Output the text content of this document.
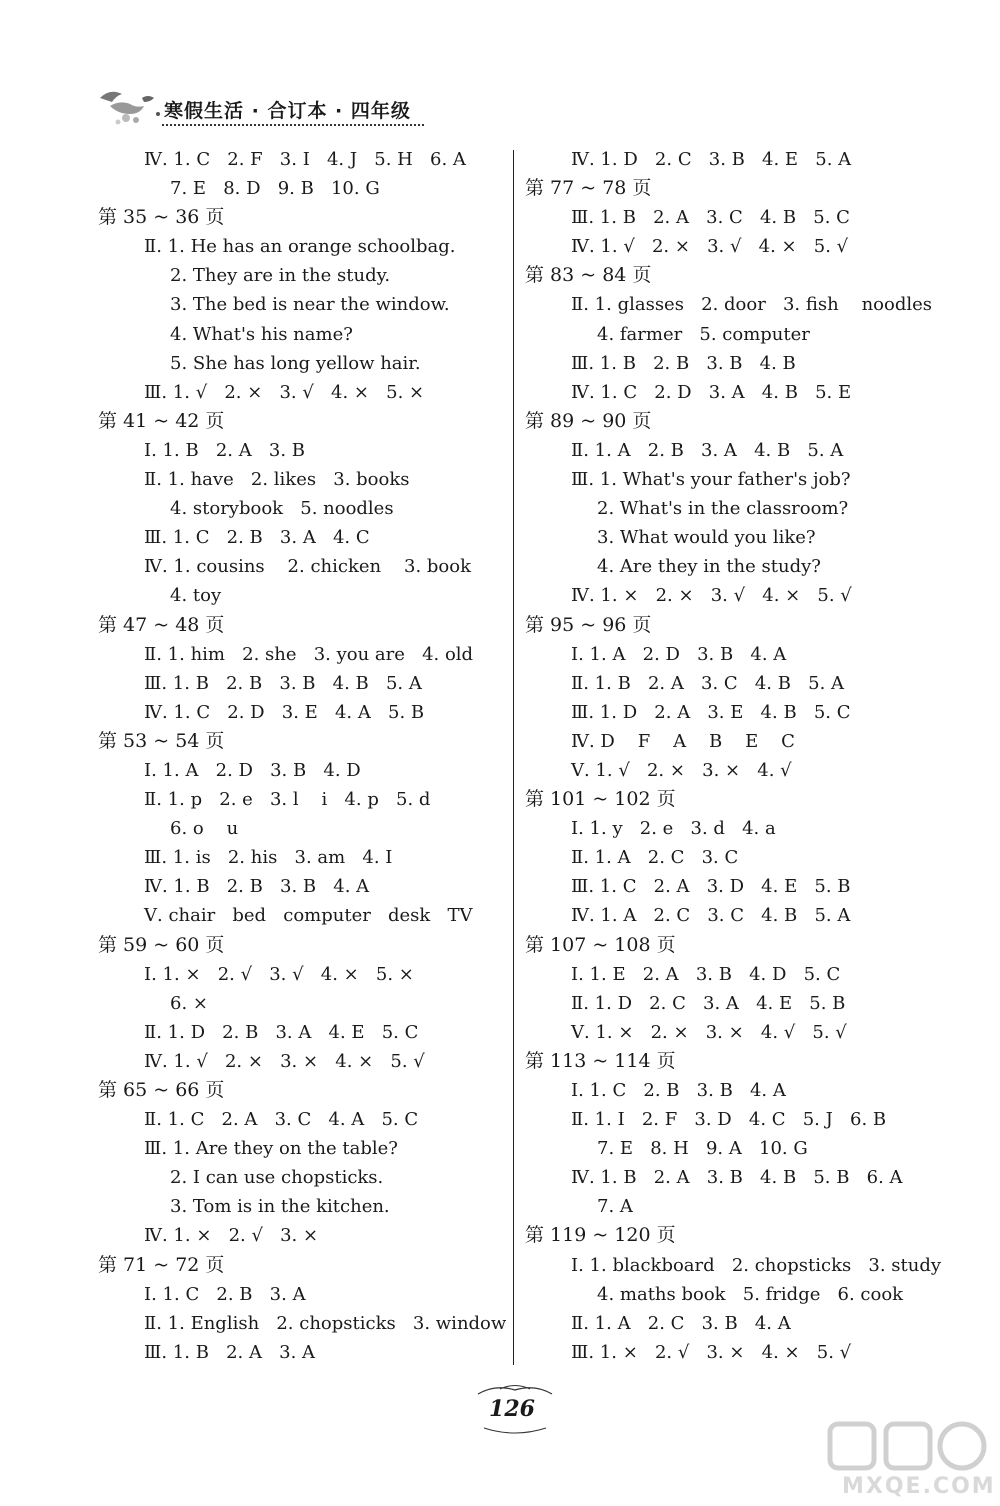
寒假生活 · 合订本 · 四年级
Ⅳ. 1. C   2. F   3. I   4. J   5. H   6. A
7. E   8. D   9. B   10. G
第 35 ~ 36 页
Ⅱ. 1. He has an orange schoolbag.
2. They are in the study.
3. The bed is near the window.
4. What's his name?
5. She has long yellow hair.
Ⅲ. 1. √   2. ×   3. √   4. ×   5. ×
第 41 ~ 42 页
Ⅰ. 1. B   2. A   3. B
Ⅱ. 1. have   2. likes   3. books
4. storybook   5. noodles
Ⅲ. 1. C   2. B   3. A   4. C
Ⅳ. 1. cousins    2. chicken    3. book
4. toy
第 47 ~ 48 页
Ⅱ. 1. him   2. she   3. you are   4. old
Ⅲ. 1. B   2. B   3. B   4. B   5. A
Ⅳ. 1. C   2. D   3. E   4. A   5. B
第 53 ~ 54 页
Ⅰ. 1. A   2. D   3. B   4. D
Ⅱ. 1. p   2. e   3. l    i   4. p   5. d
6. o    u
Ⅲ. 1. is   2. his   3. am   4. I
Ⅳ. 1. B   2. B   3. B   4. A
Ⅴ. chair   bed   computer   desk   TV
第 59 ~ 60 页
Ⅰ. 1. ×   2. √   3. √   4. ×   5. ×
6. ×
Ⅱ. 1. D   2. B   3. A   4. E   5. C
Ⅳ. 1. √   2. ×   3. ×   4. ×   5. √
第 65 ~ 66 页
Ⅱ. 1. C   2. A   3. C   4. A   5. C
Ⅲ. 1. Are they on the table?
2. I can use chopsticks.
3. Tom is in the kitchen.
Ⅳ. 1. ×   2. √   3. ×
第 71 ~ 72 页
Ⅰ. 1. C   2. B   3. A
Ⅱ. 1. English   2. chopsticks   3. window
Ⅲ. 1. B   2. A   3. A
Ⅳ. 1. D   2. C   3. B   4. E   5. A
第 77 ~ 78 页
Ⅲ. 1. B   2. A   3. C   4. B   5. C
Ⅳ. 1. √   2. ×   3. √   4. ×   5. √
第 83 ~ 84 页
Ⅱ. 1. glasses   2. door   3. fish    noodles
4. farmer   5. computer
Ⅲ. 1. B   2. B   3. B   4. B
Ⅳ. 1. C   2. D   3. A   4. B   5. E
第 89 ~ 90 页
Ⅱ. 1. A   2. B   3. A   4. B   5. A
Ⅲ. 1. What's your father's job?
2. What's in the classroom?
3. What would you like?
4. Are they in the study?
Ⅳ. 1. ×   2. ×   3. √   4. ×   5. √
第 95 ~ 96 页
Ⅰ. 1. A   2. D   3. B   4. A
Ⅱ. 1. B   2. A   3. C   4. B   5. A
Ⅲ. 1. D   2. A   3. E   4. B   5. C
Ⅳ. D    F    A    B    E    C
Ⅴ. 1. √   2. ×   3. ×   4. √
第 101 ~ 102 页
Ⅰ. 1. y   2. e   3. d   4. a
Ⅱ. 1. A   2. C   3. C
Ⅲ. 1. C   2. A   3. D   4. E   5. B
Ⅳ. 1. A   2. C   3. C   4. B   5. A
第 107 ~ 108 页
Ⅰ. 1. E   2. A   3. B   4. D   5. C
Ⅱ. 1. D   2. C   3. A   4. E   5. B
Ⅴ. 1. ×   2. ×   3. ×   4. √   5. √
第 113 ~ 114 页
Ⅰ. 1. C   2. B   3. B   4. A
Ⅱ. 1. I   2. F   3. D   4. C   5. J   6. B
7. E   8. H   9. A   10. G
Ⅳ. 1. B   2. A   3. B   4. B   5. B   6. A
7. A
第 119 ~ 120 页
Ⅰ. 1. blackboard   2. chopsticks   3. study
4. maths book   5. fridge   6. cook
Ⅱ. 1. A   2. C   3. B   4. A
Ⅲ. 1. ×   2. √   3. ×   4. ×   5. √
126
MXQE.COM
